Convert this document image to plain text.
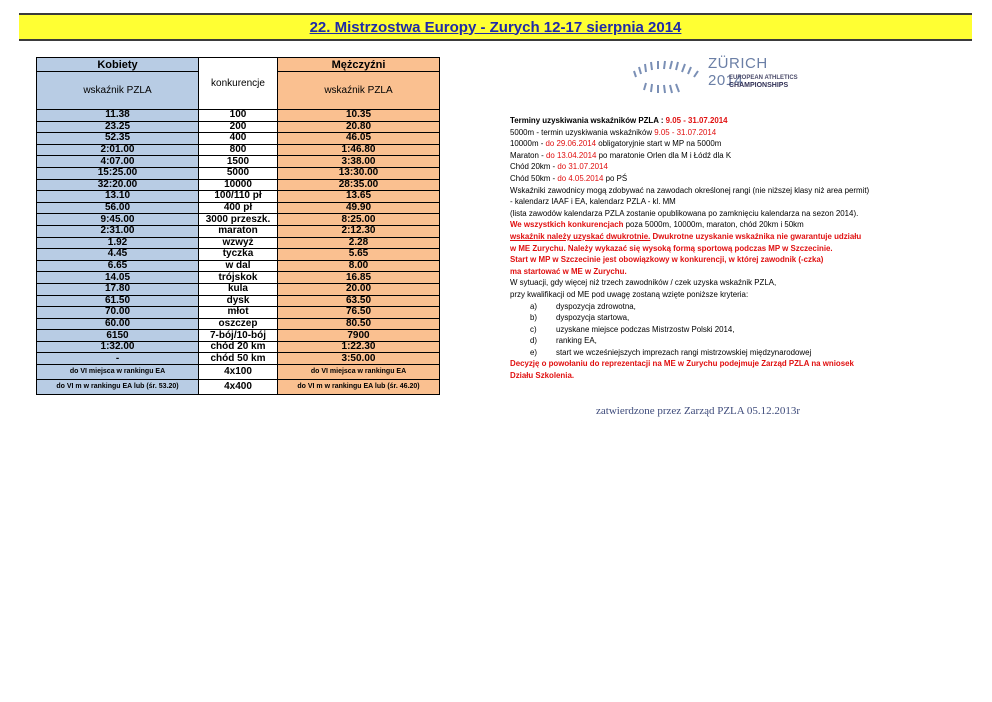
22. Mistrzostwa Europy - Zurych 12-17 sierpnia 2014
Kobiety	konkurencje	Mężczyźni
wskaźnik PZLA		wskaźnik PZLA
11.38	100	10.35
23.25	200	20.80
52.35	400	46.05
2:01.00	800	1:46.80
4:07.00	1500	3:38.00
15:25.00	5000	13:30.00
32:20.00	10000	28:35.00
13.10	100/110 pł	13.65
56.00	400 pł	49.90
9:45.00	3000 przeszk.	8:25.00
2:31.00	maraton	2:12.30
1.92	wzwyż	2.28
4.45	tyczka	5.65
6.65	w dal	8.00
14.05	trójskok	16.85
17.80	kula	20.00
61.50	dysk	63.50
70.00	młot	76.50
60.00	oszczep	80.50
6150	7-bój/10-bój	7900
1:32.00	chód 20 km	1:22.30
-	chód 50 km	3:50.00
do VI miejsca w rankingu EA	4x100	do VI miejsca w rankingu EA
do VI m w rankingu EA lub (śr. 53.20)	4x400	do VI m w rankingu EA lub (śr. 46.20)
ZÜRICH 2014
EUROPEAN ATHLETICS
CHAMPIONSHIPS
Terminy uzyskiwania wskaźników PZLA : 9.05 - 31.07.2014
5000m - termin uzyskiwania wskaźników 9.05 - 31.07.2014
10000m - do 29.06.2014 obligatoryjnie start w MP na 5000m
Maraton - do 13.04.2014 po maratonie Orlen dla M i Łódź dla K
Chód 20km - do 31.07.2014
Chód 50km - do 4.05.2014 po PŚ
Wskaźniki zawodnicy mogą zdobywać na zawodach określonej rangi (nie niższej klasy niż area permit)
- kalendarz IAAF i EA, kalendarz PZLA - kl. MM
(lista zawodów kalendarza PZLA zostanie opublikowana po zamknięciu kalendarza na sezon 2014).
We wszystkich konkurencjach poza 5000m, 10000m, maraton, chód 20km i 50km
wskaźnik należy uzyskać dwukrotnie. Dwukrotne uzyskanie wskaźnika nie gwarantuje udziału
w ME Zurychu. Należy wykazać się wysoką formą sportową podczas MP w Szczecinie.
Start w MP w Szczecinie jest obowiązkowy w konkurencji, w której zawodnik (-czka)
ma startować w ME w Zurychu.
W sytuacji, gdy więcej niż trzech zawodników / czek uzyska wskaźnik PZLA,
przy kwalifikacji od ME pod uwagę zostaną wzięte poniższe kryteria:
a)	dyspozycja zdrowotna,
b)	dyspozycja startowa,
c)	uzyskane miejsce podczas Mistrzostw Polski 2014,
d)	ranking EA,
e)	start we wcześniejszych imprezach rangi mistrzowskiej międzynarodowej
Decyzję o powołaniu do reprezentacji na ME w Zurychu podejmuje Zarząd PZLA na wniosek
Działu Szkolenia.
zatwierdzone przez Zarząd PZLA 05.12.2013r
